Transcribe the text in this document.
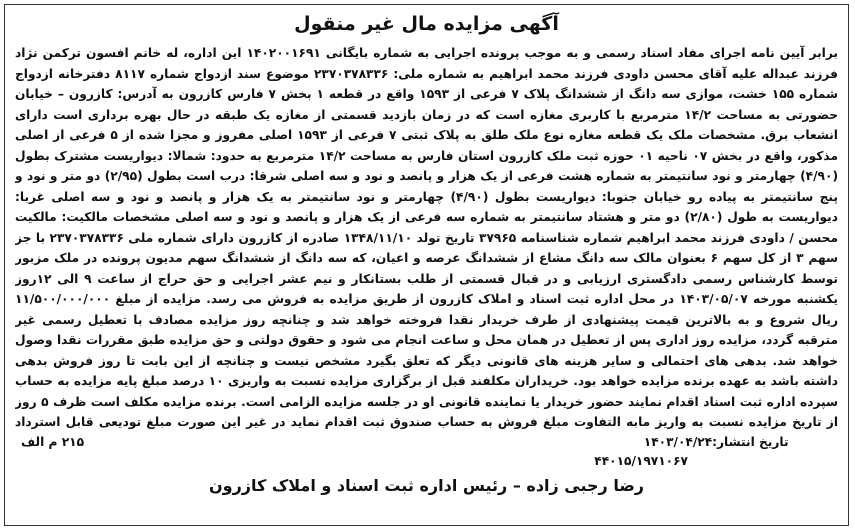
آگهی مزایده مال غیر منقول

برابر آیین نامه اجرای مفاد اسناد رسمی و به موجب پرونده اجرایی به شماره بایگانی ۱۴۰۲۰۰۱۶۹۱ این اداره، له خانم افسون ترکمن نژاد فرزند عبداله علیه آقای محسن داودی فرزند محمد ابراهیم به شماره ملی: ۲۳۷۰۳۷۸۳۳۶ موضوع سند ازدواج شماره ۸۱۱۷ دفترخانه ازدواج شماره ۱۵۵ خشت، موازی سه دانگ از ششدانگ پلاک ۷ فرعی از ۱۵۹۳ واقع در قطعه ۱ بخش ۷ فارس کازرون به آدرس: کازرون – خیابان حضورتی به مساحت ۱۴/۲ مترمربع با کاربری مغازه است که در زمان بازدید قسمتی از مغازه یک طبقه در حال بهره برداری است دارای انشعاب برق. مشخصات ملک یک قطعه مغازه نوع ملک طلق به پلاک ثبتی ۷ فرعی از ۱۵۹۳ اصلی مفروز و مجزا شده از ۵ فرعی از اصلی مذکور، واقع در بخش ۰۷ ناحیه ۰۱ حوزه ثبت ملک کازرون استان فارس به مساحت ۱۴/۲ مترمربع به حدود: شمالا: دیواریست مشترک بطول (۴/۹۰) چهارمتر و نود سانتیمتر به شماره هشت فرعی از یک هزار و پانصد و نود و سه اصلی شرقا: درب است بطول (۲/۹۵) دو متر و نود و پنج سانتیمتر به پیاده رو خیابان جنوبا: دیواریست بطول (۴/۹۰) چهارمتر و نود سانتیمتر به یک هزار و پانصد و نود و سه اصلی غربا: دیواریست به طول (۲/۸۰) دو متر و هشتاد سانتیمتر به شماره سه فرعی از یک هزار و پانصد و نود و سه اصلی مشخصات مالکیت: مالکیت محسن / داودی فرزند محمد ابراهیم شماره شناسنامه ۳۷۹۶۵ تاریخ تولد ۱۳۴۸/۱۱/۱۰ صادره از کازرون دارای شماره ملی ۲۳۷۰۳۷۸۳۳۶ با جز سهم ۳ از کل سهم ۶ بعنوان مالک سه دانگ مشاع از ششدانگ عرصه و اعیان، که سه دانگ از ششدانگ سهم مدیون پرونده در ملک مزبور توسط کارشناس رسمی دادگستری ارزیابی و در قبال قسمتی از طلب بستانکار و نیم عشر اجرایی و حق حراج از ساعت ۹ الی ۱۲روز یکشنبه مورخه ۱۴۰۳/۰۵/۰۷ در محل اداره ثبت اسناد و املاک کازرون از طریق مزایده به فروش می رسد. مزایده از مبلغ ۱۱/۵۰۰/۰۰۰/۰۰۰ ریال شروع و به بالاترین قیمت پیشنهادی از طرف خریدار نقدا فروخته خواهد شد و چنانچه روز مزایده مصادف با تعطیل رسمی غیر مترقبه گردد، مزایده روز اداری پس از تعطیل در همان محل و ساعت انجام می شود و حقوق دولتی و حق مزایده طبق مقررات نقدا وصول خواهد شد. بدهی های احتمالی و سایر هزینه های قانونی دیگر که تعلق بگیرد مشخص نیست و چنانچه از این بابت تا روز فروش بدهی داشته باشد به عهده برنده مزایده خواهد بود. خریداران مکلفند قبل از برگزاری مزایده نسبت به واریزی ۱۰ درصد مبلغ پایه مزایده به حساب سپرده اداره ثبت اسناد اقدام نمایند حضور خریدار یا نماینده قانونی او در جلسه مزایده الزامی است. برنده مزایده مکلف است ظرف ۵ روز از تاریخ مزایده نسبت به واریز مابه التفاوت مبلغ فروش به حساب صندوق ثبت اقدام نماید در غیر این صورت مبلغ تودیعی قابل استرداد

تاریخ انتشار:۱۴۰۳/۰۴/۲۴
۴۴۰۱۵/۱۹۷۱۰۶۷
۲۱۵ م الف
رضا رجبی زاده – رئیس اداره ثبت اسناد و املاک کازرون
